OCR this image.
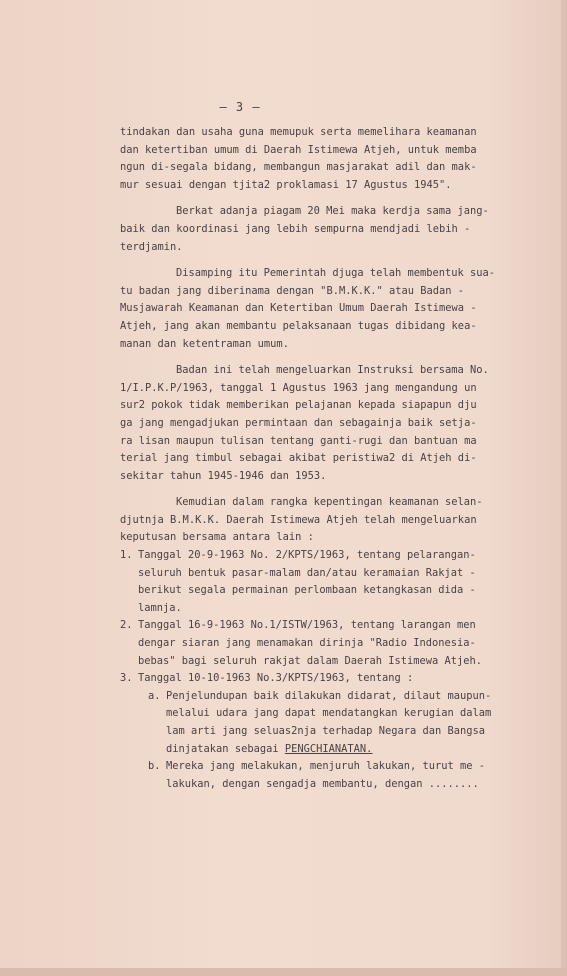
— 3 —
tindakan dan usaha guna memupuk serta memelihara keamanan
dan ketertiban umum di Daerah Istimewa Atjeh, untuk memba
ngun di-segala bidang, membangun masjarakat adil dan mak-
mur sesuai dengan tjita2 proklamasi 17 Agustus 1945".
Berkat adanja piagam 20 Mei maka kerdja sama jang-
baik dan koordinasi jang lebih sempurna mendjadi lebih -
terdjamin.
Disamping itu Pemerintah djuga telah membentuk sua-
tu badan jang diberinama dengan "B.M.K.K." atau Badan -
Musjawarah Keamanan dan Ketertiban Umum Daerah Istimewa -
Atjeh, jang akan membantu pelaksanaan tugas dibidang kea-
manan dan ketentraman umum.
Badan ini telah mengeluarkan Instruksi bersama No.
1/I.P.K.P/1963, tanggal 1 Agustus 1963 jang mengandung un
sur2 pokok tidak memberikan pelajanan kepada siapapun dju
ga jang mengadjukan permintaan dan sebagainja baik setja-
ra lisan maupun tulisan tentang ganti-rugi dan bantuan ma
terial jang timbul sebagai akibat peristiwa2 di Atjeh di-
sekitar tahun 1945-1946 dan 1953.
Kemudian dalam rangka kepentingan keamanan selan-
djutnja B.M.K.K. Daerah Istimewa Atjeh telah mengeluarkan
keputusan bersama antara lain :
1. Tanggal 20-9-1963 No. 2/KPTS/1963, tentang pelarangan-
seluruh bentuk pasar-malam dan/atau keramaian Rakjat -
berikut segala permainan perlombaan ketangkasan dida -
lamnja.
2. Tanggal 16-9-1963 No.1/ISTW/1963, tentang larangan men
dengar siaran jang menamakan dirinja "Radio Indonesia-
bebas" bagi seluruh rakjat dalam Daerah Istimewa Atjeh.
3. Tanggal 10-10-1963 No.3/KPTS/1963, tentang :
a. Penjelundupan baik dilakukan didarat, dilaut maupun-
melalui udara jang dapat mendatangkan kerugian dalam
lam arti jang seluas2nja terhadap Negara dan Bangsa
dinjatakan sebagai PENGCHIANATAN.
b. Mereka jang melakukan, menjuruh lakukan, turut me -
lakukan, dengan sengadja membantu, dengan ........
